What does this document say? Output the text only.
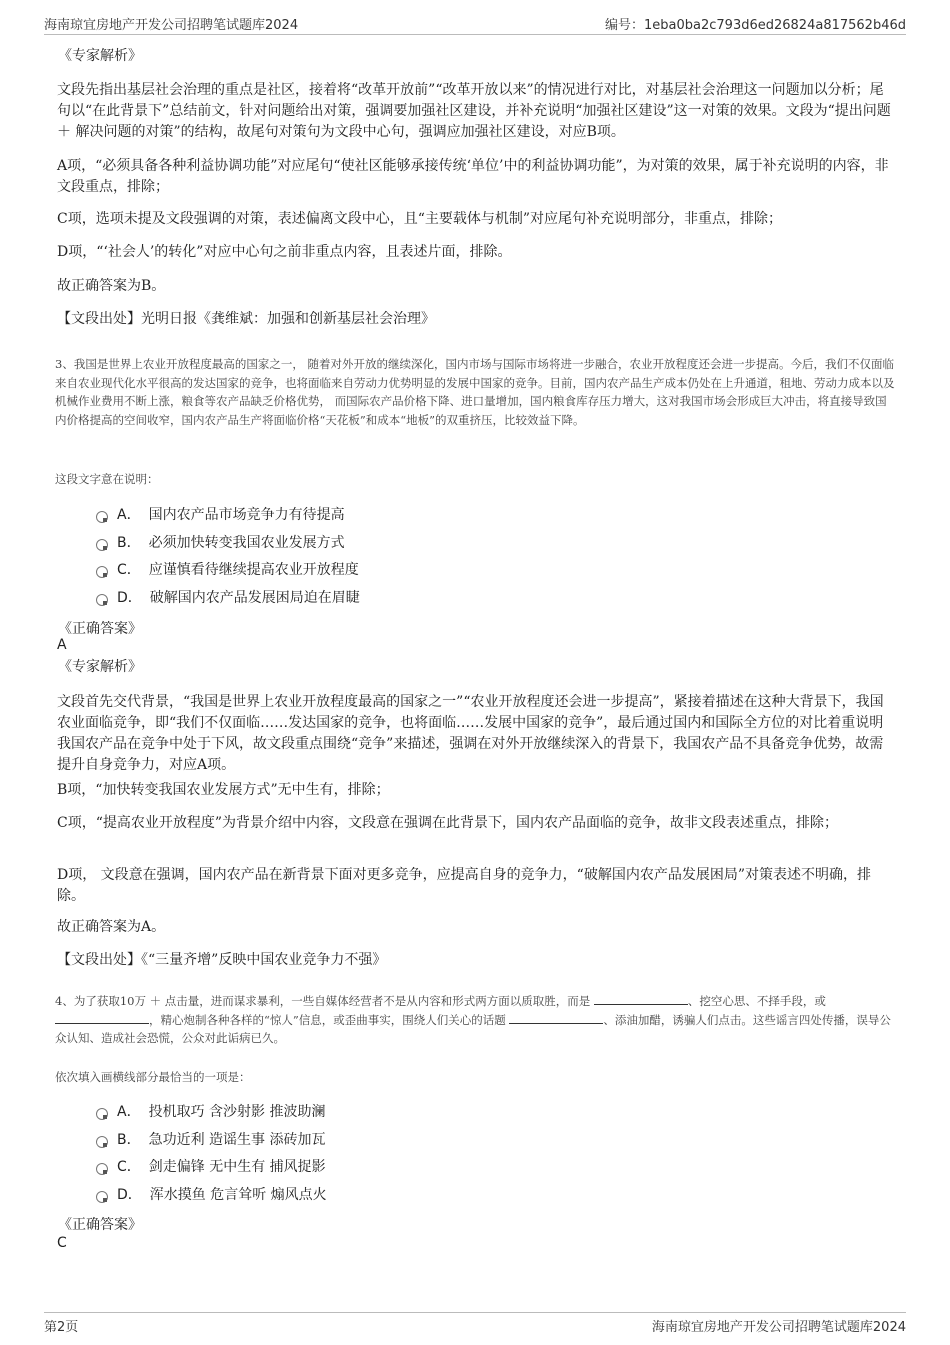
海南琼宜房地产开发公司招聘笔试题库2024	编号：1eba0ba2c793d6ed26824a817562b46d
《专家解析》

文段先指出基层社会治理的重点是社区，接着将“改革开放前”“改革开放以来”的情况进行对比，对基层社会治理这一问题加以分析；尾句以“在此背景下”总结前文，针对问题给出对策，强调要加强社区建设，并补充说明“加强社区建设”这一对策的效果。文段为“提出问题 ＋ 解决问题的对策”的结构，故尾句对策句为文段中心句，强调应加强社区建设，对应B项。

A项，“必须具备各种利益协调功能”对应尾句“使社区能够承接传统‘单位’中的利益协调功能”，为对策的效果，属于补充说明的内容，非文段重点，排除；

C项，选项未提及文段强调的对策，表述偏离文段中心，且“主要载体与机制”对应尾句补充说明部分，非重点，排除；

D项，“‘社会人’的转化”对应中心句之前非重点内容，且表述片面，排除。

故正确答案为B。

【文段出处】光明日报《龚维斌：加强和创新基层社会治理》

3、我国是世界上农业开放程度最高的国家之一， 随着对外开放的继续深化，国内市场与国际市场将进一步融合，农业开放程度还会进一步提高。今后，我们不仅面临来自农业现代化水平很高的发达国家的竞争，也将面临来自劳动力优势明显的发展中国家的竞争。目前，国内农产品生产成本仍处在上升通道，租地、劳动力成本以及机械作业费用不断上涨，粮食等农产品缺乏价格优势， 而国际农产品价格下降、进口量增加，国内粮食库存压力增大，这对我国市场会形成巨大冲击，将直接导致国内价格提高的空间收窄，国内农产品生产将面临价格“天花板”和成本“地板”的双重挤压，比较效益下降。

这段文字意在说明：

A． 国内农产品市场竞争力有待提高
B． 必须加快转变我国农业发展方式
C． 应谨慎看待继续提高农业开放程度
D． 破解国内农产品发展困局迫在眉睫
《正确答案》
A
《专家解析》

文段首先交代背景，“我国是世界上农业开放程度最高的国家之一”“农业开放程度还会进一步提高”，紧接着描述在这种大背景下，我国农业面临竞争，即“我们不仅面临……发达国家的竞争，也将面临……发展中国家的竞争”，最后通过国内和国际全方位的对比着重说明我国农产品在竞争中处于下风，故文段重点围绕“竞争”来描述，强调在对外开放继续深入的背景下，我国农产品不具备竞争优势，故需提升自身竞争力，对应A项。

B项，“加快转变我国农业发展方式”无中生有，排除；

C项，“提高农业开放程度”为背景介绍中内容，文段意在强调在此背景下，国内农产品面临的竞争，故非文段表述重点，排除；

D项， 文段意在强调，国内农产品在新背景下面对更多竞争，应提高自身的竞争力，“破解国内农产品发展困局”对策表述不明确，排除。

故正确答案为A。

【文段出处】《“三量齐增”反映中国农业竞争力不强》

4、为了获取10万 ＋ 点击量，进而谋求暴利，一些自媒体经营者不是从内容和形式两方面以质取胜，而是	、挖空心思、不择手段，或 ，精心炮制各种各样的“惊人”信息，或歪曲事实，围绕人们关心的话题	、添油加醋，诱骗人们点击。这些谣言四处传播，误导公众认知、造成社会恐慌，公众对此诟病已久。

依次填入画横线部分最恰当的一项是：

A． 投机取巧 含沙射影 推波助澜
B． 急功近利 造谣生事 添砖加瓦
C． 剑走偏锋 无中生有 捕风捉影
D． 浑水摸鱼 危言耸听 煽风点火
《正确答案》
C
第2页	海南琼宜房地产开发公司招聘笔试题库2024
